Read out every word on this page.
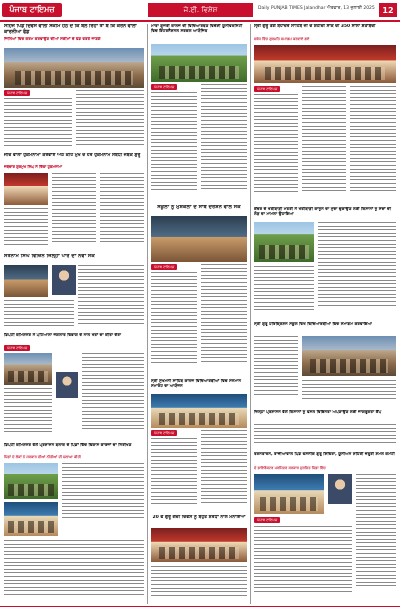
ਪੰਜਾਬ ਟਾਇਮਜ਼	ਜੇ.ਈ. ਵਿਸ਼ੇਸ਼	Daily PUNJAB TIMES Jalandhar ਐਤਵਾਰ, 13 ਜੁਲਾਈ 2025 12
ਸਹਿਜ ਪਿੰਡ ਦਿਵਸ ਵਾਲੀ ਸਕੀਮ ਹੇਠ ਦੇ ਕਿ ਬਲ ਰਿਹਾ ਤਾਂ ਬੇ ਕਿ ਕਰਨ ਵਾਲਾ ਕਾਰਨੀਆ ਫੰਡ
ਜਿਲਿਆਂ ਵਿਚ ਕਰਮ ਕਰਵਾਉਣ ਦੀਆਂ ਸਕੀਮਾਂ ਦੇ ਫੰਡ ਵਰਤੇ ਜਾਣਗੇ
ਪੰਜਾਬ ਟਾਇਮਜ਼
ਜੀਦ ਵਾਲਾ ਹੁਕਮਨਾਮਾ ਕਰਵਾਏ ਅੱਠੇ ਕਹਿ ਮੁਖ ਦੇ ਹੋਰ ਹੁਕਮਨਾਮ ਸਬੰਧੀ ਜਥਕੇ ਸ਼ੁਰੂ
ਜਥੇਦਾਰ ਗੁਰਮੁਖ ਸਿੰਘ ਨੇ ਦਿੱਤਾ ਹੁਕਮਨਾਮਾ
ਸਤਨਾਮ ਸਿੰਘ ਵਿਜ਼ਿਨ ਜਿਲ੍ਹਾ ਪਾਰ ਦਾ ਨਵਾਂ ਸਕੇ
ਡਿਪਟੀ ਕਮਿਸ਼ਨਰ ਨੇ ਪਟਿਆਲਾ ਜੰਗਲਾਤ ਵਿਭਾਗ ਦੇ ਨਾਲ ਖੇਤਾਂ ਦਾ ਕੀਤਾ ਦੌਰਾ
ਪੰਜਾਬ ਟਾਇਮਜ਼
ਡਿਪਟੀ ਕਮਿਸ਼ਨਰ ਵੱਲੋਂ ਪ੍ਰਸ਼ਾਸਨ ਬਲਾਕ ਦੇ ਪਿੰਡਾਂ ਵਿੱਚ ਵਿਕਾਸ ਕਾਰਜਾਂ ਦਾ ਨਿਰੀਖਣ
ਪਿੰਡਾਂ ਦੇ ਲੋਕਾਂ ਨੇ ਸਰਕਾਰ ਦੀਆਂ ਨੀਤੀਆਂ ਦੀ ਸ਼ਲਾਘਾ ਕੀਤੀ
ਮਾਤਾ ਗੁਜਰੀ ਕਾਲਜ ਦੀ ਵਿਦਿਆਰਥਣ ਵਿਦੇਸ਼ੀ ਯੂਨੀਵਰਸਿਟੀ ਵਿਚ ਇੰਟਰਨੈਸ਼ਨਲ ਸਰਕਲ ਆਯੋਜਿਤ
ਪੰਜਾਬ ਟਾਇਮਜ਼
ਸਕੂਲਾਂ ਨੂੰ ਮੁਸ਼ਕਲਾਂ ਦੇ ਸਾਥ ਦਰਸ਼ਨ ਵਾਲੇ ਸਕੇ
ਪੰਜਾਬ ਟਾਇਮਜ਼
ਸ੍ਰੀ ਸੁਖਮਨੀ ਸਾਹਿਬ ਕਾਲਜ ਵਿਦਿਆਰਥੀਆਂ ਵਿਚ ਸਨਮਾਨ ਸਮਾਰੋਹ ਦਾ ਆਯੋਜਨ
ਪੰਜਾਬ ਟਾਇਮਜ਼
20 ਵੇਂ ਗੁਰੂ ਗੱਦੀ ਦਿਵਸ ਨੂੰ ਬਹੁਤ ਸ਼ਰਧਾ ਨਾਲ ਮਨਾਇਆ
ਸ੍ਰੀ ਗੁਰੂ ਤੇਗ ਬਹਾਦਰ ਸਾਹਿਬ ਜੀ ਦੇ ਸ਼ਹੀਦੀ ਸਾਕੇ ਦੀ 350 ਸਾਲਾ ਸ਼ਤਾਬਦੀ
ਸਬੰਧ ਵਿੱਚ ਗੁਰਮਤਿ ਸਮਾਗਮ ਕਰਵਾਏ ਗਏ
ਪੰਜਾਬ ਟਾਇਮਜ਼
ਕੇਂਦਰ ਦੇ ਖੇਤੀਬਾੜੀ ਮੰਤਰੀ ਨੇ ਖੇਤੀਬਾੜੀ ਕਾਨੂੰਨ ਦਾ ਮੁੱਦਾ ਚੁਕਾਉਣ ਲਈ ਕਿਸਾਨਾਂ ਨੂੰ ਸੰਦਾਂ ਦੀ ਲੋੜ ਦਾ ਮਾਮਲਾ ਉਠਾਇਆ
ਸ੍ਰੀ ਗੁਰੂ ਹਰਿਕ੍ਰਿਸ਼ਨ ਸਕੂਲ ਵਿਖੇ ਵਿਦਿਆਰਥੀਆਂ ਵਿਚ ਸਮਾਗਮ ਕਰਵਾਇਆ
ਜ਼ਿਲ੍ਹਾ ਪ੍ਰਸ਼ਾਸਨ ਵੱਲੋਂ ਕਿਸਾਨਾਂ ਨੂੰ ਫਸਲ ਵਿਭਿੰਨਤਾ ਅਪਣਾਉਣ ਲਈ ਜਾਗਰੂਕਤਾ ਕੈਂਪ
ਤਰਨਤਾਰਨ, ਰਾਜ਼ੀਆਵਾਲ ਪਿੰਡ ਵਸਨੀਕ ਗੁਰੂ ਸ਼ਿਵਿਰਾ, ਯੂਨੀਅਨ ਸ਼ਹਿਰੀ ਜ਼ਰੂਰੀ ਸ਼ਮਲ ਕਮੇਟੀ
ਦੇ ਡਾਇਰੈਕਟਰ ਪਰਮਿੰਦਰ ਸਰਕਾਰ ਸੁਰਜਿਤ ਪਿੰਡਾ ਵਿੱਚ
ਪੰਜਾਬ ਟਾਇਮਜ਼
